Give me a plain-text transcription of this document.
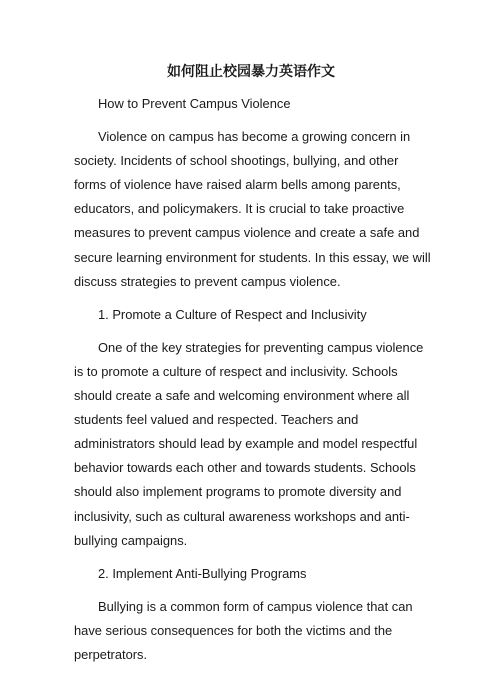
如何阻止校园暴力英语作文

How to Prevent Campus Violence

Violence on campus has become a growing concern in society. Incidents of school shootings, bullying, and other forms of violence have raised alarm bells among parents, educators, and policymakers. It is crucial to take proactive measures to prevent campus violence and create a safe and secure learning environment for students. In this essay, we will discuss strategies to prevent campus violence.

1. Promote a Culture of Respect and Inclusivity

One of the key strategies for preventing campus violence is to promote a culture of respect and inclusivity. Schools should create a safe and welcoming environment where all students feel valued and respected. Teachers and administrators should lead by example and model respectful behavior towards each other and towards students. Schools should also implement programs to promote diversity and inclusivity, such as cultural awareness workshops and anti-bullying campaigns.

2. Implement Anti-Bullying Programs

Bullying is a common form of campus violence that can have serious consequences for both the victims and the perpetrators.
